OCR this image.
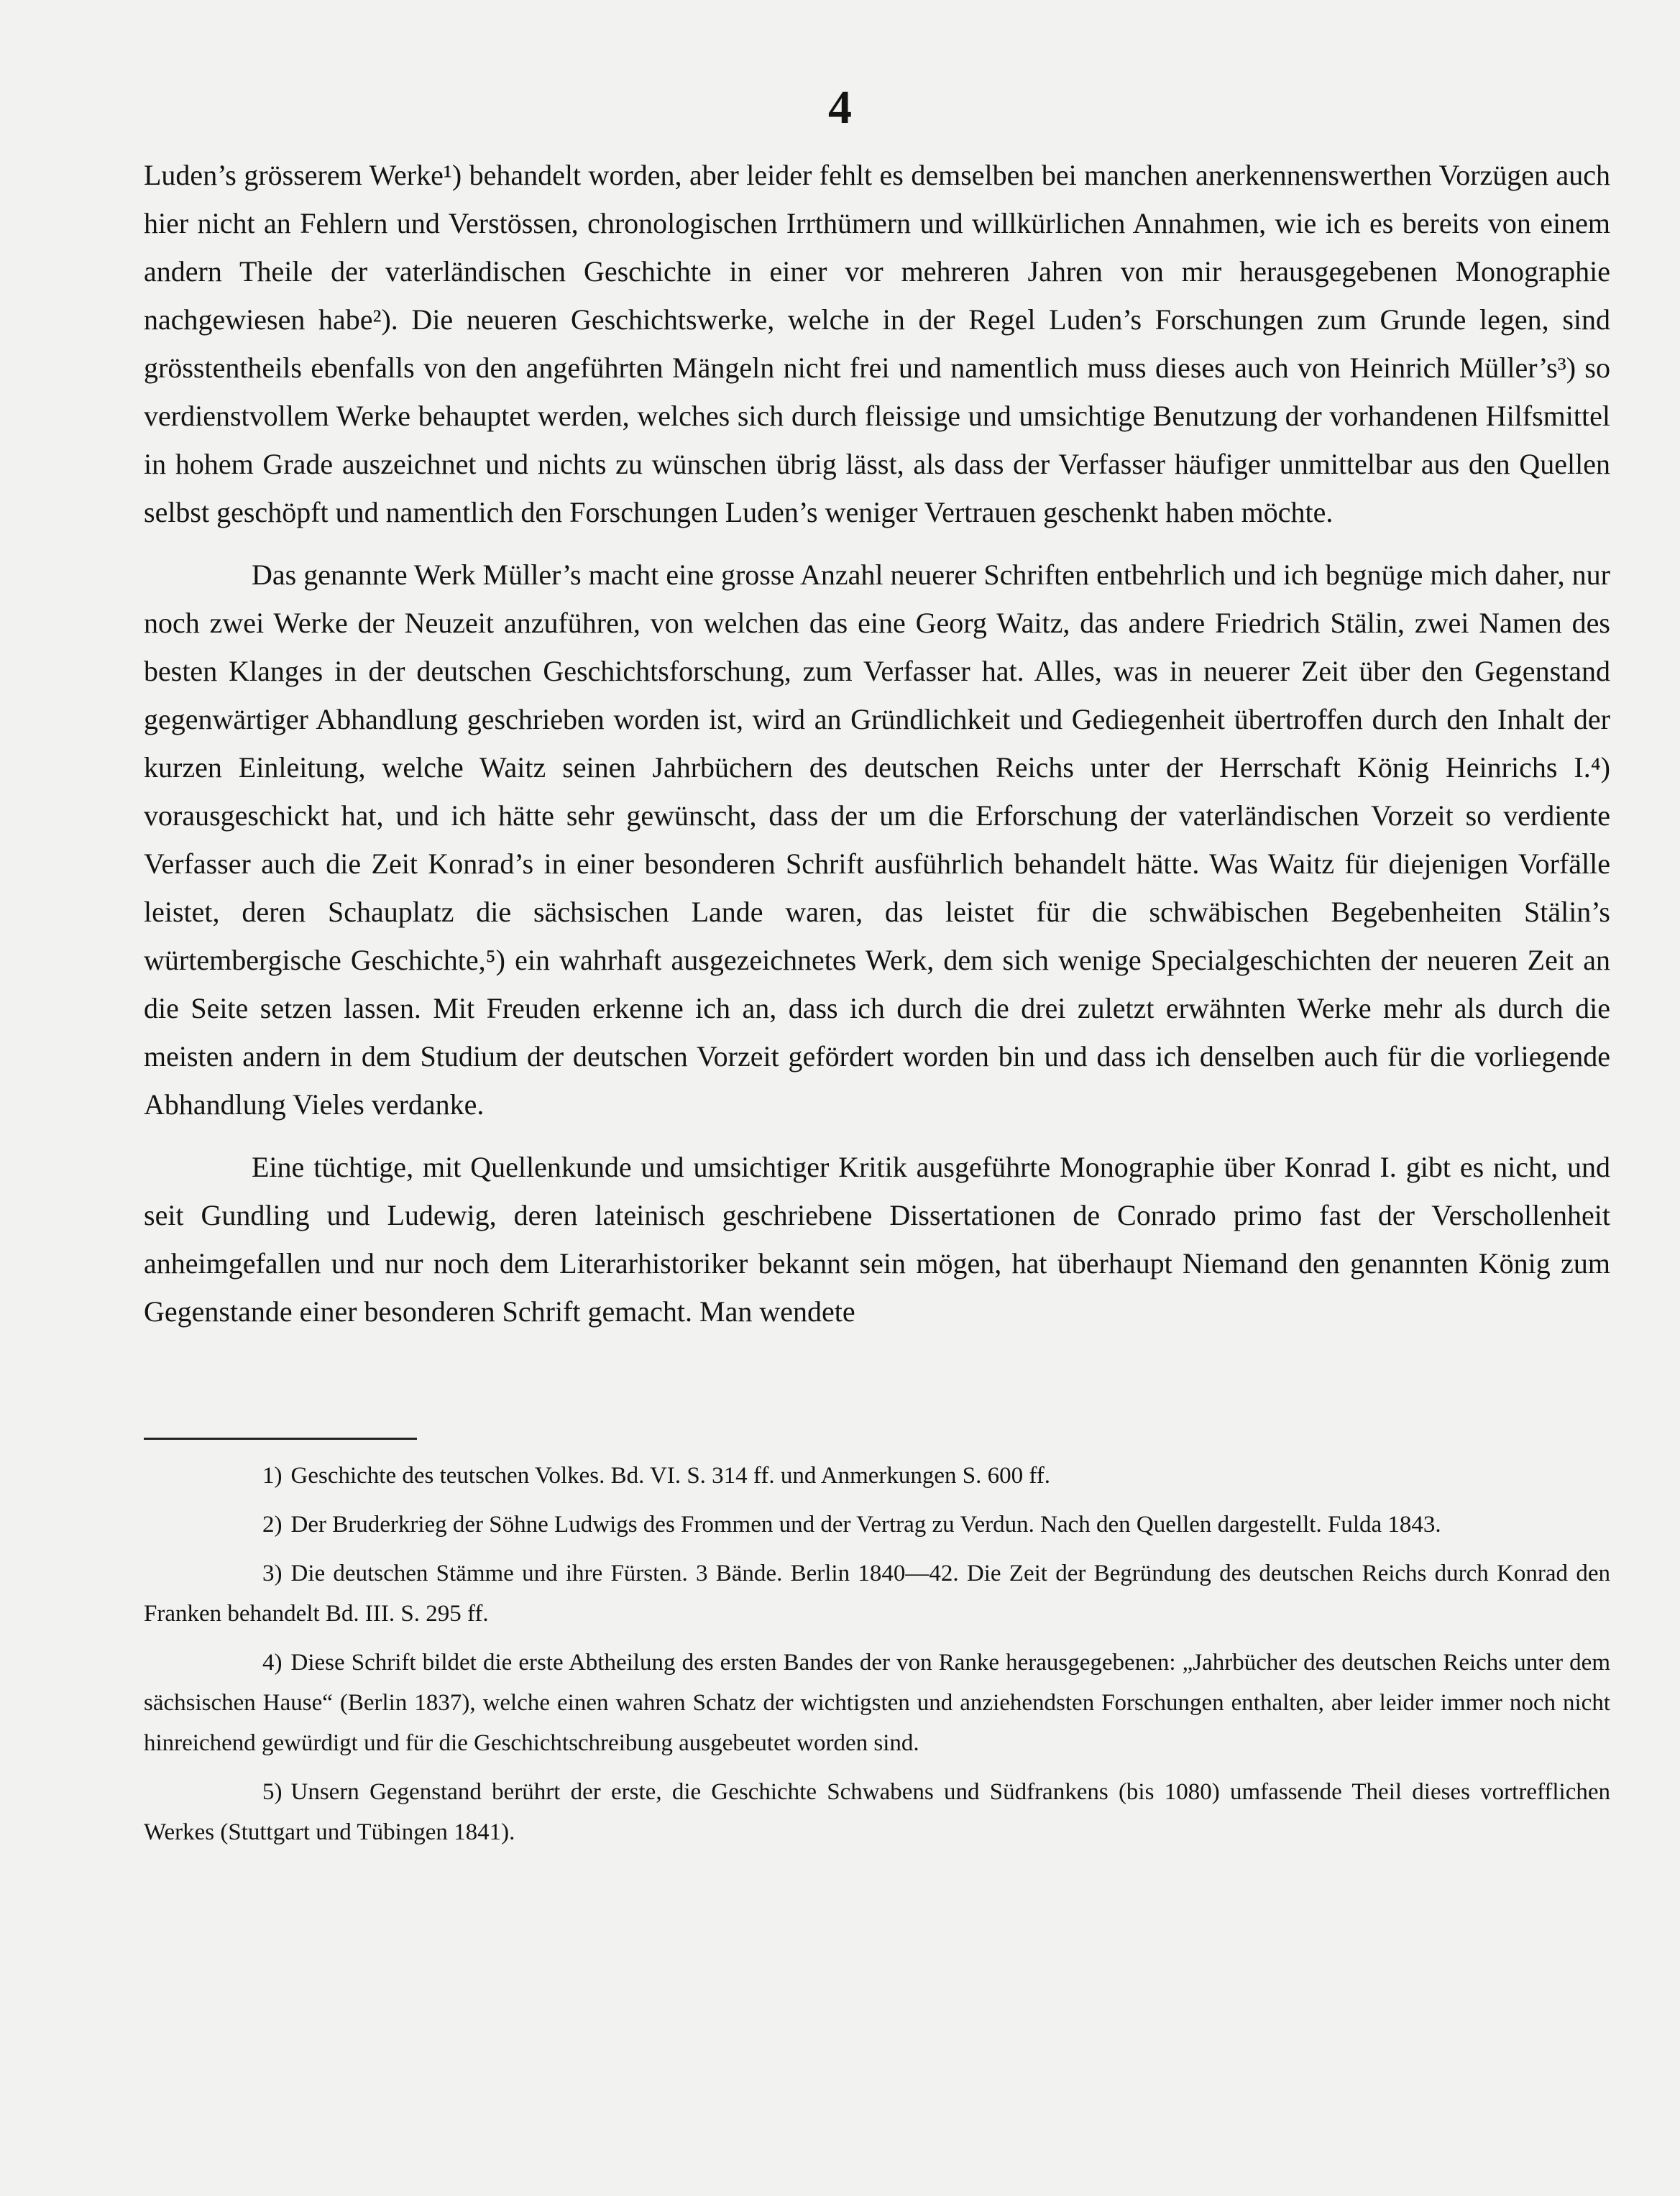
4

Luden’s grösserem Werke¹) behandelt worden, aber leider fehlt es demselben bei manchen anerkennenswerthen Vorzügen auch hier nicht an Fehlern und Verstössen, chronologischen Irrthümern und willkürlichen Annahmen, wie ich es bereits von einem andern Theile der vaterländischen Geschichte in einer vor mehreren Jahren von mir herausgegebenen Monographie nachgewiesen habe²). Die neueren Geschichtswerke, welche in der Regel Luden’s Forschungen zum Grunde legen, sind grösstentheils ebenfalls von den angeführten Mängeln nicht frei und namentlich muss dieses auch von Heinrich Müller’s³) so verdienstvollem Werke behauptet werden, welches sich durch fleissige und umsichtige Benutzung der vorhandenen Hilfsmittel in hohem Grade auszeichnet und nichts zu wünschen übrig lässt, als dass der Verfasser häufiger unmittelbar aus den Quellen selbst geschöpft und namentlich den Forschungen Luden’s weniger Vertrauen geschenkt haben möchte.

Das genannte Werk Müller’s macht eine grosse Anzahl neuerer Schriften entbehrlich und ich begnüge mich daher, nur noch zwei Werke der Neuzeit anzuführen, von welchen das eine Georg Waitz, das andere Friedrich Stälin, zwei Namen des besten Klanges in der deutschen Geschichtsforschung, zum Verfasser hat. Alles, was in neuerer Zeit über den Gegenstand gegenwärtiger Abhandlung geschrieben worden ist, wird an Gründlichkeit und Gediegenheit übertroffen durch den Inhalt der kurzen Einleitung, welche Waitz seinen Jahrbüchern des deutschen Reichs unter der Herrschaft König Heinrichs I.⁴) vorausgeschickt hat, und ich hätte sehr gewünscht, dass der um die Erforschung der vaterländischen Vorzeit so verdiente Verfasser auch die Zeit Konrad’s in einer besonderen Schrift ausführlich behandelt hätte. Was Waitz für diejenigen Vorfälle leistet, deren Schauplatz die sächsischen Lande waren, das leistet für die schwäbischen Begebenheiten Stälin’s würtembergische Geschichte,⁵) ein wahrhaft ausgezeichnetes Werk, dem sich wenige Specialgeschichten der neueren Zeit an die Seite setzen lassen. Mit Freuden erkenne ich an, dass ich durch die drei zuletzt erwähnten Werke mehr als durch die meisten andern in dem Studium der deutschen Vorzeit gefördert worden bin und dass ich denselben auch für die vorliegende Abhandlung Vieles verdanke.

Eine tüchtige, mit Quellenkunde und umsichtiger Kritik ausgeführte Monographie über Konrad I. gibt es nicht, und seit Gundling und Ludewig, deren lateinisch geschriebene Dissertationen de Conrado primo fast der Verschollenheit anheimgefallen und nur noch dem Literarhistoriker bekannt sein mögen, hat überhaupt Niemand den genannten König zum Gegenstande einer besonderen Schrift gemacht. Man wendete

1) Geschichte des teutschen Volkes. Bd. VI. S. 314 ff. und Anmerkungen S. 600 ff.

2) Der Bruderkrieg der Söhne Ludwigs des Frommen und der Vertrag zu Verdun. Nach den Quellen dargestellt. Fulda 1843.

3) Die deutschen Stämme und ihre Fürsten. 3 Bände. Berlin 1840—42. Die Zeit der Begründung des deutschen Reichs durch Konrad den Franken behandelt Bd. III. S. 295 ff.

4) Diese Schrift bildet die erste Abtheilung des ersten Bandes der von Ranke herausgegebenen: „Jahrbücher des deutschen Reichs unter dem sächsischen Hause“ (Berlin 1837), welche einen wahren Schatz der wichtigsten und anziehendsten Forschungen enthalten, aber leider immer noch nicht hinreichend gewürdigt und für die Geschichtschreibung ausgebeutet worden sind.

5) Unsern Gegenstand berührt der erste, die Geschichte Schwabens und Südfrankens (bis 1080) umfassende Theil dieses vortrefflichen Werkes (Stuttgart und Tübingen 1841).
